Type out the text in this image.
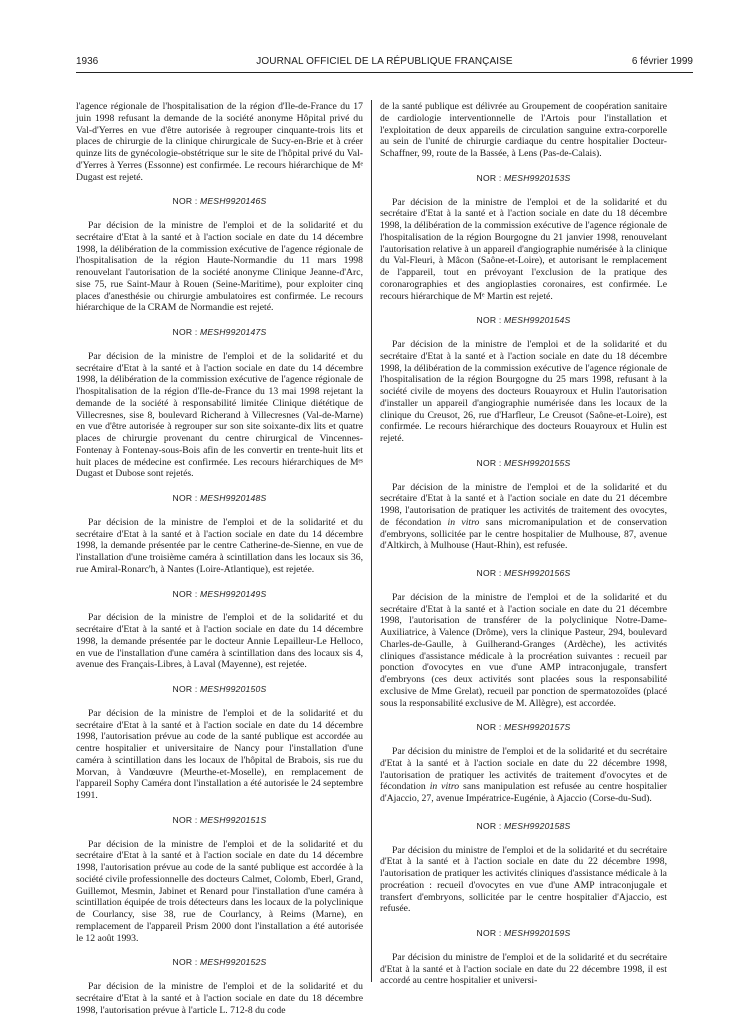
1936	JOURNAL OFFICIEL DE LA RÉPUBLIQUE FRANÇAISE	6 février 1999

l'agence régionale de l'hospitalisation de la région d'Ile-de-France du 17 juin 1998 refusant la demande de la société anonyme Hôpital privé du Val-d'Yerres en vue d'être autorisée à regrouper cinquante-trois lits et places de chirurgie de la clinique chirurgicale de Sucy-en-Brie et à créer quinze lits de gynécologie-obstétrique sur le site de l'hôpital privé du Val-d'Yerres à Yerres (Essonne) est confirmée. Le recours hiérarchique de Mᵉ Dugast est rejeté.

NOR : MESH9920146S

Par décision de la ministre de l'emploi et de la solidarité et du secrétaire d'Etat à la santé et à l'action sociale en date du 14 décembre 1998, la délibération de la commission exécutive de l'agence régionale de l'hospitalisation de la région Haute-Normandie du 11 mars 1998 renouvelant l'autorisation de la société anonyme Clinique Jeanne-d'Arc, sise 75, rue Saint-Maur à Rouen (Seine-Maritime), pour exploiter cinq places d'anesthésie ou chirurgie ambulatoires est confirmée. Le recours hiérarchique de la CRAM de Normandie est rejeté.

NOR : MESH9920147S

Par décision de la ministre de l'emploi et de la solidarité et du secrétaire d'Etat à la santé et à l'action sociale en date du 14 décembre 1998, la délibération de la commission exécutive de l'agence régionale de l'hospitalisation de la région d'Ile-de-France du 13 mai 1998 rejetant la demande de la société à responsabilité limitée Clinique diététique de Villecresnes, sise 8, boulevard Richerand à Villecresnes (Val-de-Marne) en vue d'être autorisée à regrouper sur son site soixante-dix lits et quatre places de chirurgie provenant du centre chirurgical de Vincennes-Fontenay à Fontenay-sous-Bois afin de les convertir en trente-huit lits et huit places de médecine est confirmée. Les recours hiérarchiques de Mᵉˢ Dugast et Dubose sont rejetés.

NOR : MESH9920148S

Par décision de la ministre de l'emploi et de la solidarité et du secrétaire d'Etat à la santé et à l'action sociale en date du 14 décembre 1998, la demande présentée par le centre Catherine-de-Sienne, en vue de l'installation d'une troisième caméra à scintillation dans les locaux sis 36, rue Amiral-Ronarc'h, à Nantes (Loire-Atlantique), est rejetée.

NOR : MESH9920149S

Par décision de la ministre de l'emploi et de la solidarité et du secrétaire d'Etat à la santé et à l'action sociale en date du 14 décembre 1998, la demande présentée par le docteur Annie Lepailleur-Le Helloco, en vue de l'installation d'une caméra à scintillation dans des locaux sis 4, avenue des Français-Libres, à Laval (Mayenne), est rejetée.

NOR : MESH9920150S

Par décision de la ministre de l'emploi et de la solidarité et du secrétaire d'Etat à la santé et à l'action sociale en date du 14 décembre 1998, l'autorisation prévue au code de la santé publique est accordée au centre hospitalier et universitaire de Nancy pour l'installation d'une caméra à scintillation dans les locaux de l'hôpital de Brabois, sis rue du Morvan, à Vandœuvre (Meurthe-et-Moselle), en remplacement de l'appareil Sophy Caméra dont l'installation a été autorisée le 24 septembre 1991.

NOR : MESH9920151S

Par décision de la ministre de l'emploi et de la solidarité et du secrétaire d'Etat à la santé et à l'action sociale en date du 14 décembre 1998, l'autorisation prévue au code de la santé publique est accordée à la société civile professionnelle des docteurs Calmet, Colomb, Eberl, Grand, Guillemot, Mesmin, Jabinet et Renard pour l'installation d'une caméra à scintillation équipée de trois détecteurs dans les locaux de la polyclinique de Courlancy, sise 38, rue de Courlancy, à Reims (Marne), en remplacement de l'appareil Prism 2000 dont l'installation a été autorisée le 12 août 1993.

NOR : MESH9920152S

Par décision de la ministre de l'emploi et de la solidarité et du secrétaire d'Etat à la santé et à l'action sociale en date du 18 décembre 1998, l'autorisation prévue à l'article L. 712-8 du code

de la santé publique est délivrée au Groupement de coopération sanitaire de cardiologie interventionnelle de l'Artois pour l'installation et l'exploitation de deux appareils de circulation sanguine extra-corporelle au sein de l'unité de chirurgie cardiaque du centre hospitalier Docteur-Schaffner, 99, route de la Bassée, à Lens (Pas-de-Calais).

NOR : MESH9920153S

Par décision de la ministre de l'emploi et de la solidarité et du secrétaire d'Etat à la santé et à l'action sociale en date du 18 décembre 1998, la délibération de la commission exécutive de l'agence régionale de l'hospitalisation de la région Bourgogne du 21 janvier 1998, renouvelant l'autorisation relative à un appareil d'angiographie numérisée à la clinique du Val-Fleuri, à Mâcon (Saône-et-Loire), et autorisant le remplacement de l'appareil, tout en prévoyant l'exclusion de la pratique des coronarographies et des angioplasties coronaires, est confirmée. Le recours hiérarchique de Mᵉ Martin est rejeté.

NOR : MESH9920154S

Par décision de la ministre de l'emploi et de la solidarité et du secrétaire d'Etat à la santé et à l'action sociale en date du 18 décembre 1998, la délibération de la commission exécutive de l'agence régionale de l'hospitalisation de la région Bourgogne du 25 mars 1998, refusant à la société civile de moyens des docteurs Rouayroux et Hulin l'autorisation d'installer un appareil d'angiographie numérisée dans les locaux de la clinique du Creusot, 26, rue d'Harfleur, Le Creusot (Saône-et-Loire), est confirmée. Le recours hiérarchique des docteurs Rouayroux et Hulin est rejeté.

NOR : MESH9920155S

Par décision de la ministre de l'emploi et de la solidarité et du secrétaire d'Etat à la santé et à l'action sociale en date du 21 décembre 1998, l'autorisation de pratiquer les activités de traitement des ovocytes, de fécondation in vitro sans micromanipulation et de conservation d'embryons, sollicitée par le centre hospitalier de Mulhouse, 87, avenue d'Altkirch, à Mulhouse (Haut-Rhin), est refusée.

NOR : MESH9920156S

Par décision de la ministre de l'emploi et de la solidarité et du secrétaire d'Etat à la santé et à l'action sociale en date du 21 décembre 1998, l'autorisation de transférer de la polyclinique Notre-Dame-Auxiliatrice, à Valence (Drôme), vers la clinique Pasteur, 294, boulevard Charles-de-Gaulle, à Guilherand-Granges (Ardèche), les activités cliniques d'assistance médicale à la procréation suivantes : recueil par ponction d'ovocytes en vue d'une AMP intraconjugale, transfert d'embryons (ces deux activités sont placées sous la responsabilité exclusive de Mme Grelat), recueil par ponction de spermatozoïdes (placé sous la responsabilité exclusive de M. Allègre), est accordée.

NOR : MESH9920157S

Par décision du ministre de l'emploi et de la solidarité et du secrétaire d'Etat à la santé et à l'action sociale en date du 22 décembre 1998, l'autorisation de pratiquer les activités de traitement d'ovocytes et de fécondation in vitro sans manipulation est refusée au centre hospitalier d'Ajaccio, 27, avenue Impératrice-Eugénie, à Ajaccio (Corse-du-Sud).

NOR : MESH9920158S

Par décision du ministre de l'emploi et de la solidarité et du secrétaire d'Etat à la santé et à l'action sociale en date du 22 décembre 1998, l'autorisation de pratiquer les activités cliniques d'assistance médicale à la procréation : recueil d'ovocytes en vue d'une AMP intraconjugale et transfert d'embryons, sollicitée par le centre hospitalier d'Ajaccio, est refusée.

NOR : MESH9920159S

Par décision du ministre de l'emploi et de la solidarité et du secrétaire d'Etat à la santé et à l'action sociale en date du 22 décembre 1998, il est accordé au centre hospitalier et universi-
